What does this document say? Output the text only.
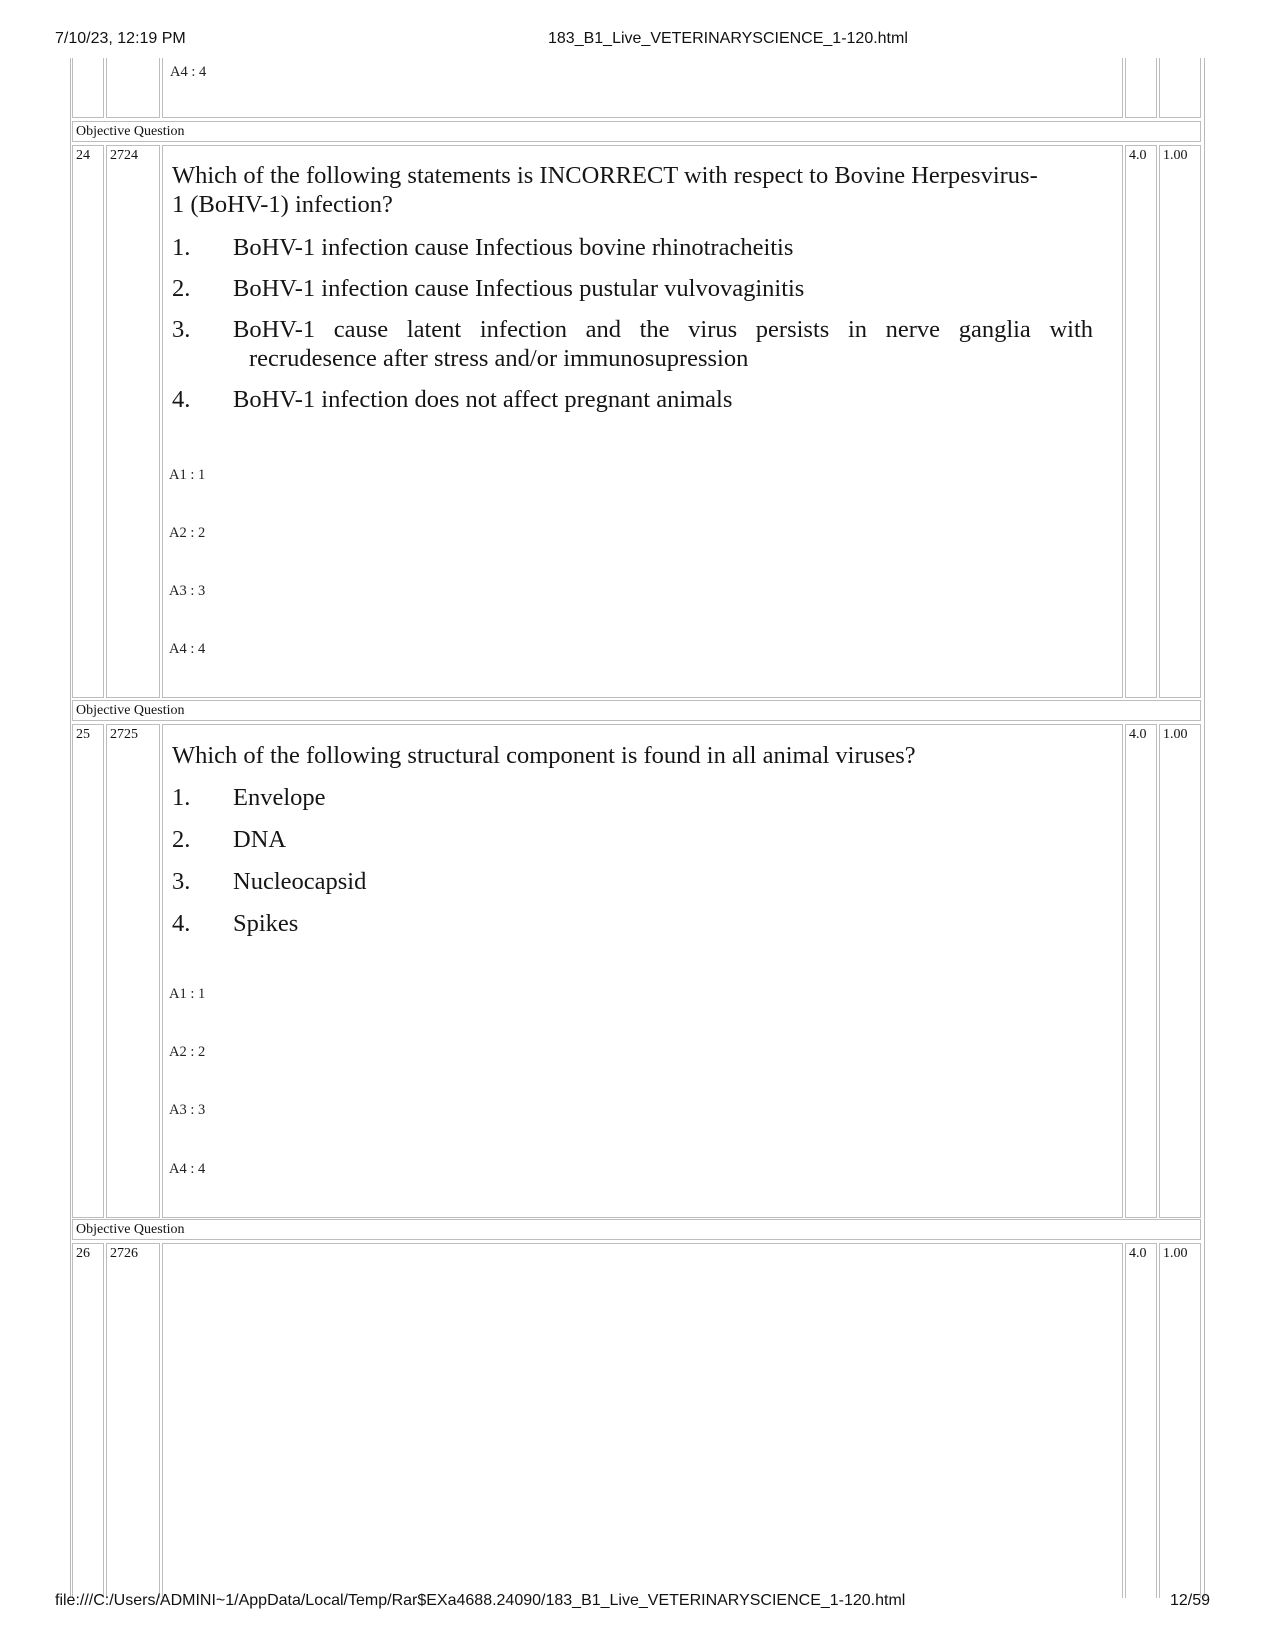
7/10/23, 12:19 PM	183_B1_Live_VETERINARYSCIENCE_1-120.html
A4 : 4
Objective Question
24	2724	4.0	1.00
Which of the following statements is INCORRECT with respect to Bovine Herpesvirus-
1 (BoHV-1) infection?
1. BoHV-1 infection cause Infectious bovine rhinotracheitis
2. BoHV-1 infection cause Infectious pustular vulvovaginitis
3. BoHV-1 cause latent infection and the virus persists in nerve ganglia with
recrudesence after stress and/or immunosupression
4. BoHV-1 infection does not affect pregnant animals
A1 : 1
A2 : 2
A3 : 3
A4 : 4
Objective Question
25	2725	4.0	1.00
Which of the following structural component is found in all animal viruses?
1. Envelope
2. DNA
3. Nucleocapsid
4. Spikes
A1 : 1
A2 : 2
A3 : 3
A4 : 4
Objective Question
26	2726	4.0	1.00
file:///C:/Users/ADMINI~1/AppData/Local/Temp/Rar$EXa4688.24090/183_B1_Live_VETERINARYSCIENCE_1-120.html	12/59
